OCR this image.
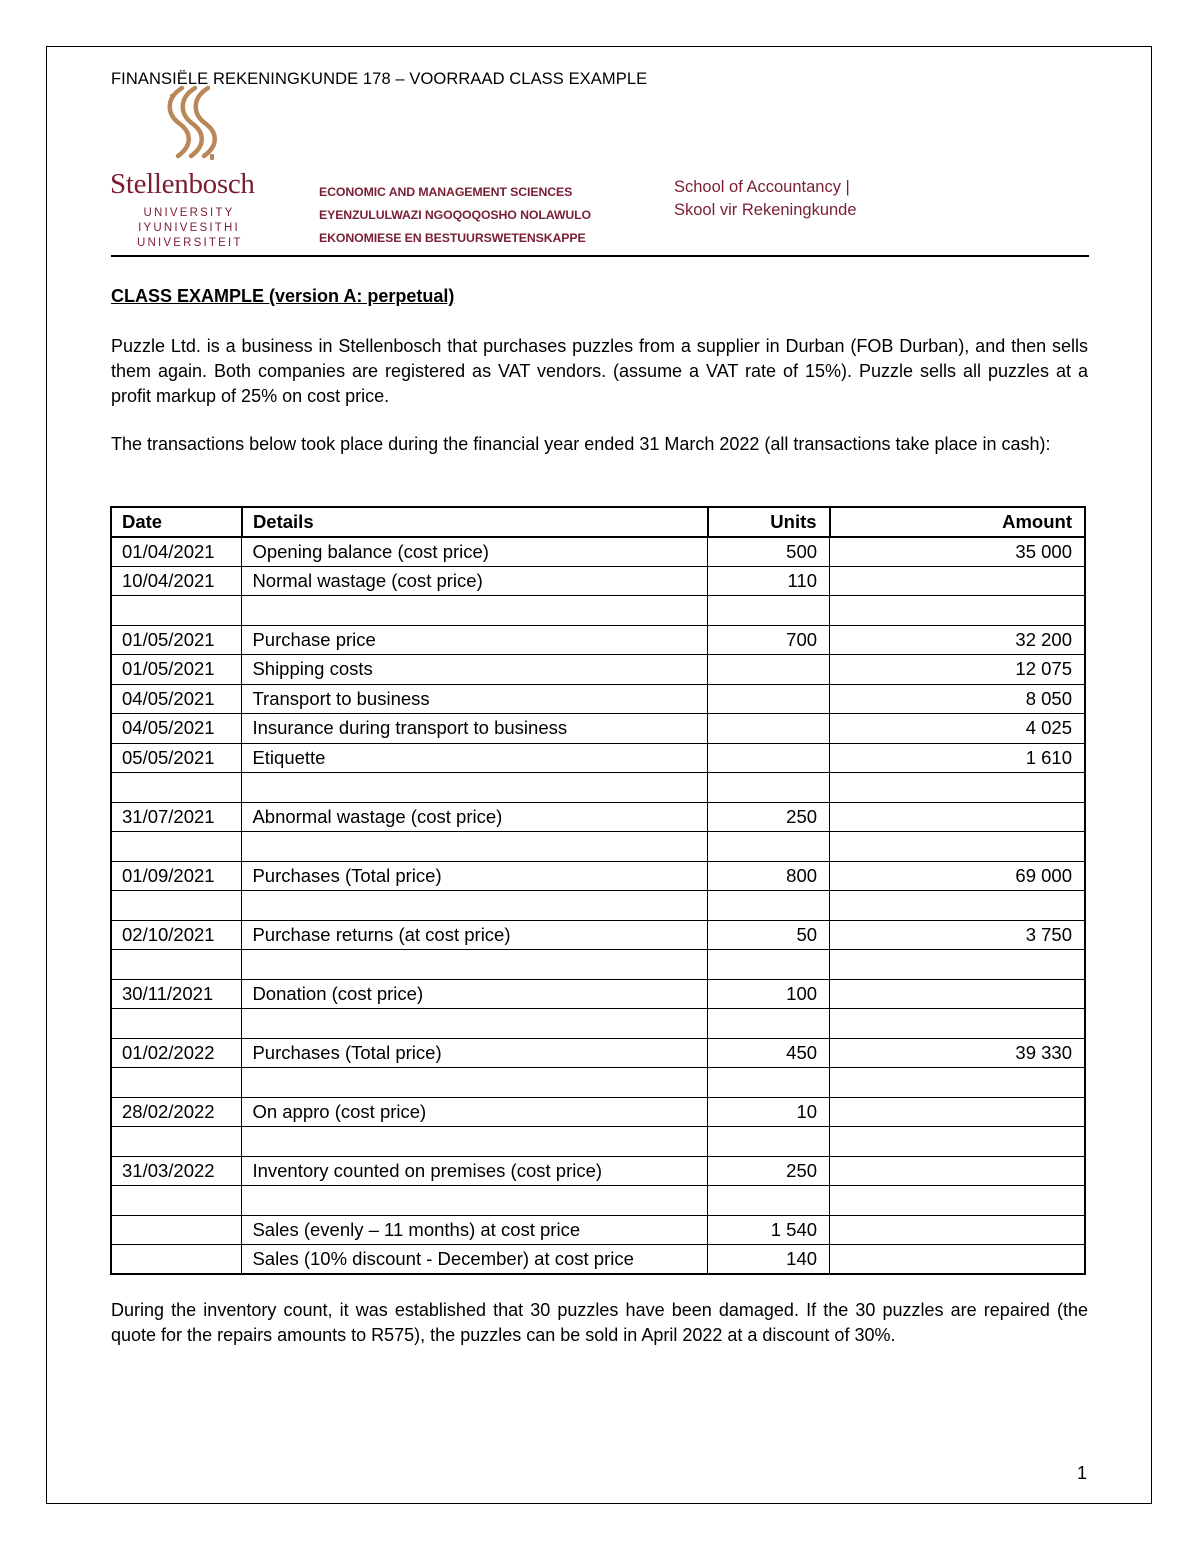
FINANSIËLE REKENINGKUNDE 178 – VOORRAAD CLASS EXAMPLE
Stellenbosch
UNIVERSITY
IYUNIVESITHI
UNIVERSITEIT
ECONOMIC AND MANAGEMENT SCIENCES
EYENZULULWAZI NGOQOQOSHO NOLAWULO
EKONOMIESE EN BESTUURSWETENSKAPPE
School of Accountancy |
Skool vir Rekeningkunde
CLASS EXAMPLE (version A: perpetual)

Puzzle Ltd. is a business in Stellenbosch that purchases puzzles from a supplier in Durban (FOB Durban), and then sells them again. Both companies are registered as VAT vendors. (assume a VAT rate of 15%). Puzzle sells all puzzles at a profit markup of 25% on cost price.

The transactions below took place during the financial year ended 31 March 2022 (all transactions take place in cash):

Date	Details	Units	Amount
01/04/2021	Opening balance (cost price)	500	35 000
10/04/2021	Normal wastage (cost price)	110	

01/05/2021	Purchase price	700	32 200
01/05/2021	Shipping costs		12 075
04/05/2021	Transport to business		8 050
04/05/2021	Insurance during transport to business		4 025
05/05/2021	Etiquette		1 610

31/07/2021	Abnormal wastage (cost price)	250	

01/09/2021	Purchases (Total price)	800	69 000

02/10/2021	Purchase returns (at cost price)	50	3 750

30/11/2021	Donation (cost price)	100	

01/02/2022	Purchases (Total price)	450	39 330

28/02/2022	On appro (cost price)	10	

31/03/2022	Inventory counted on premises (cost price)	250	

	Sales (evenly – 11 months) at cost price	1 540	
	Sales (10% discount - December) at cost price	140	

During the inventory count, it was established that 30 puzzles have been damaged. If the 30 puzzles are repaired (the quote for the repairs amounts to R575), the puzzles can be sold in April 2022 at a discount of 30%.

1
